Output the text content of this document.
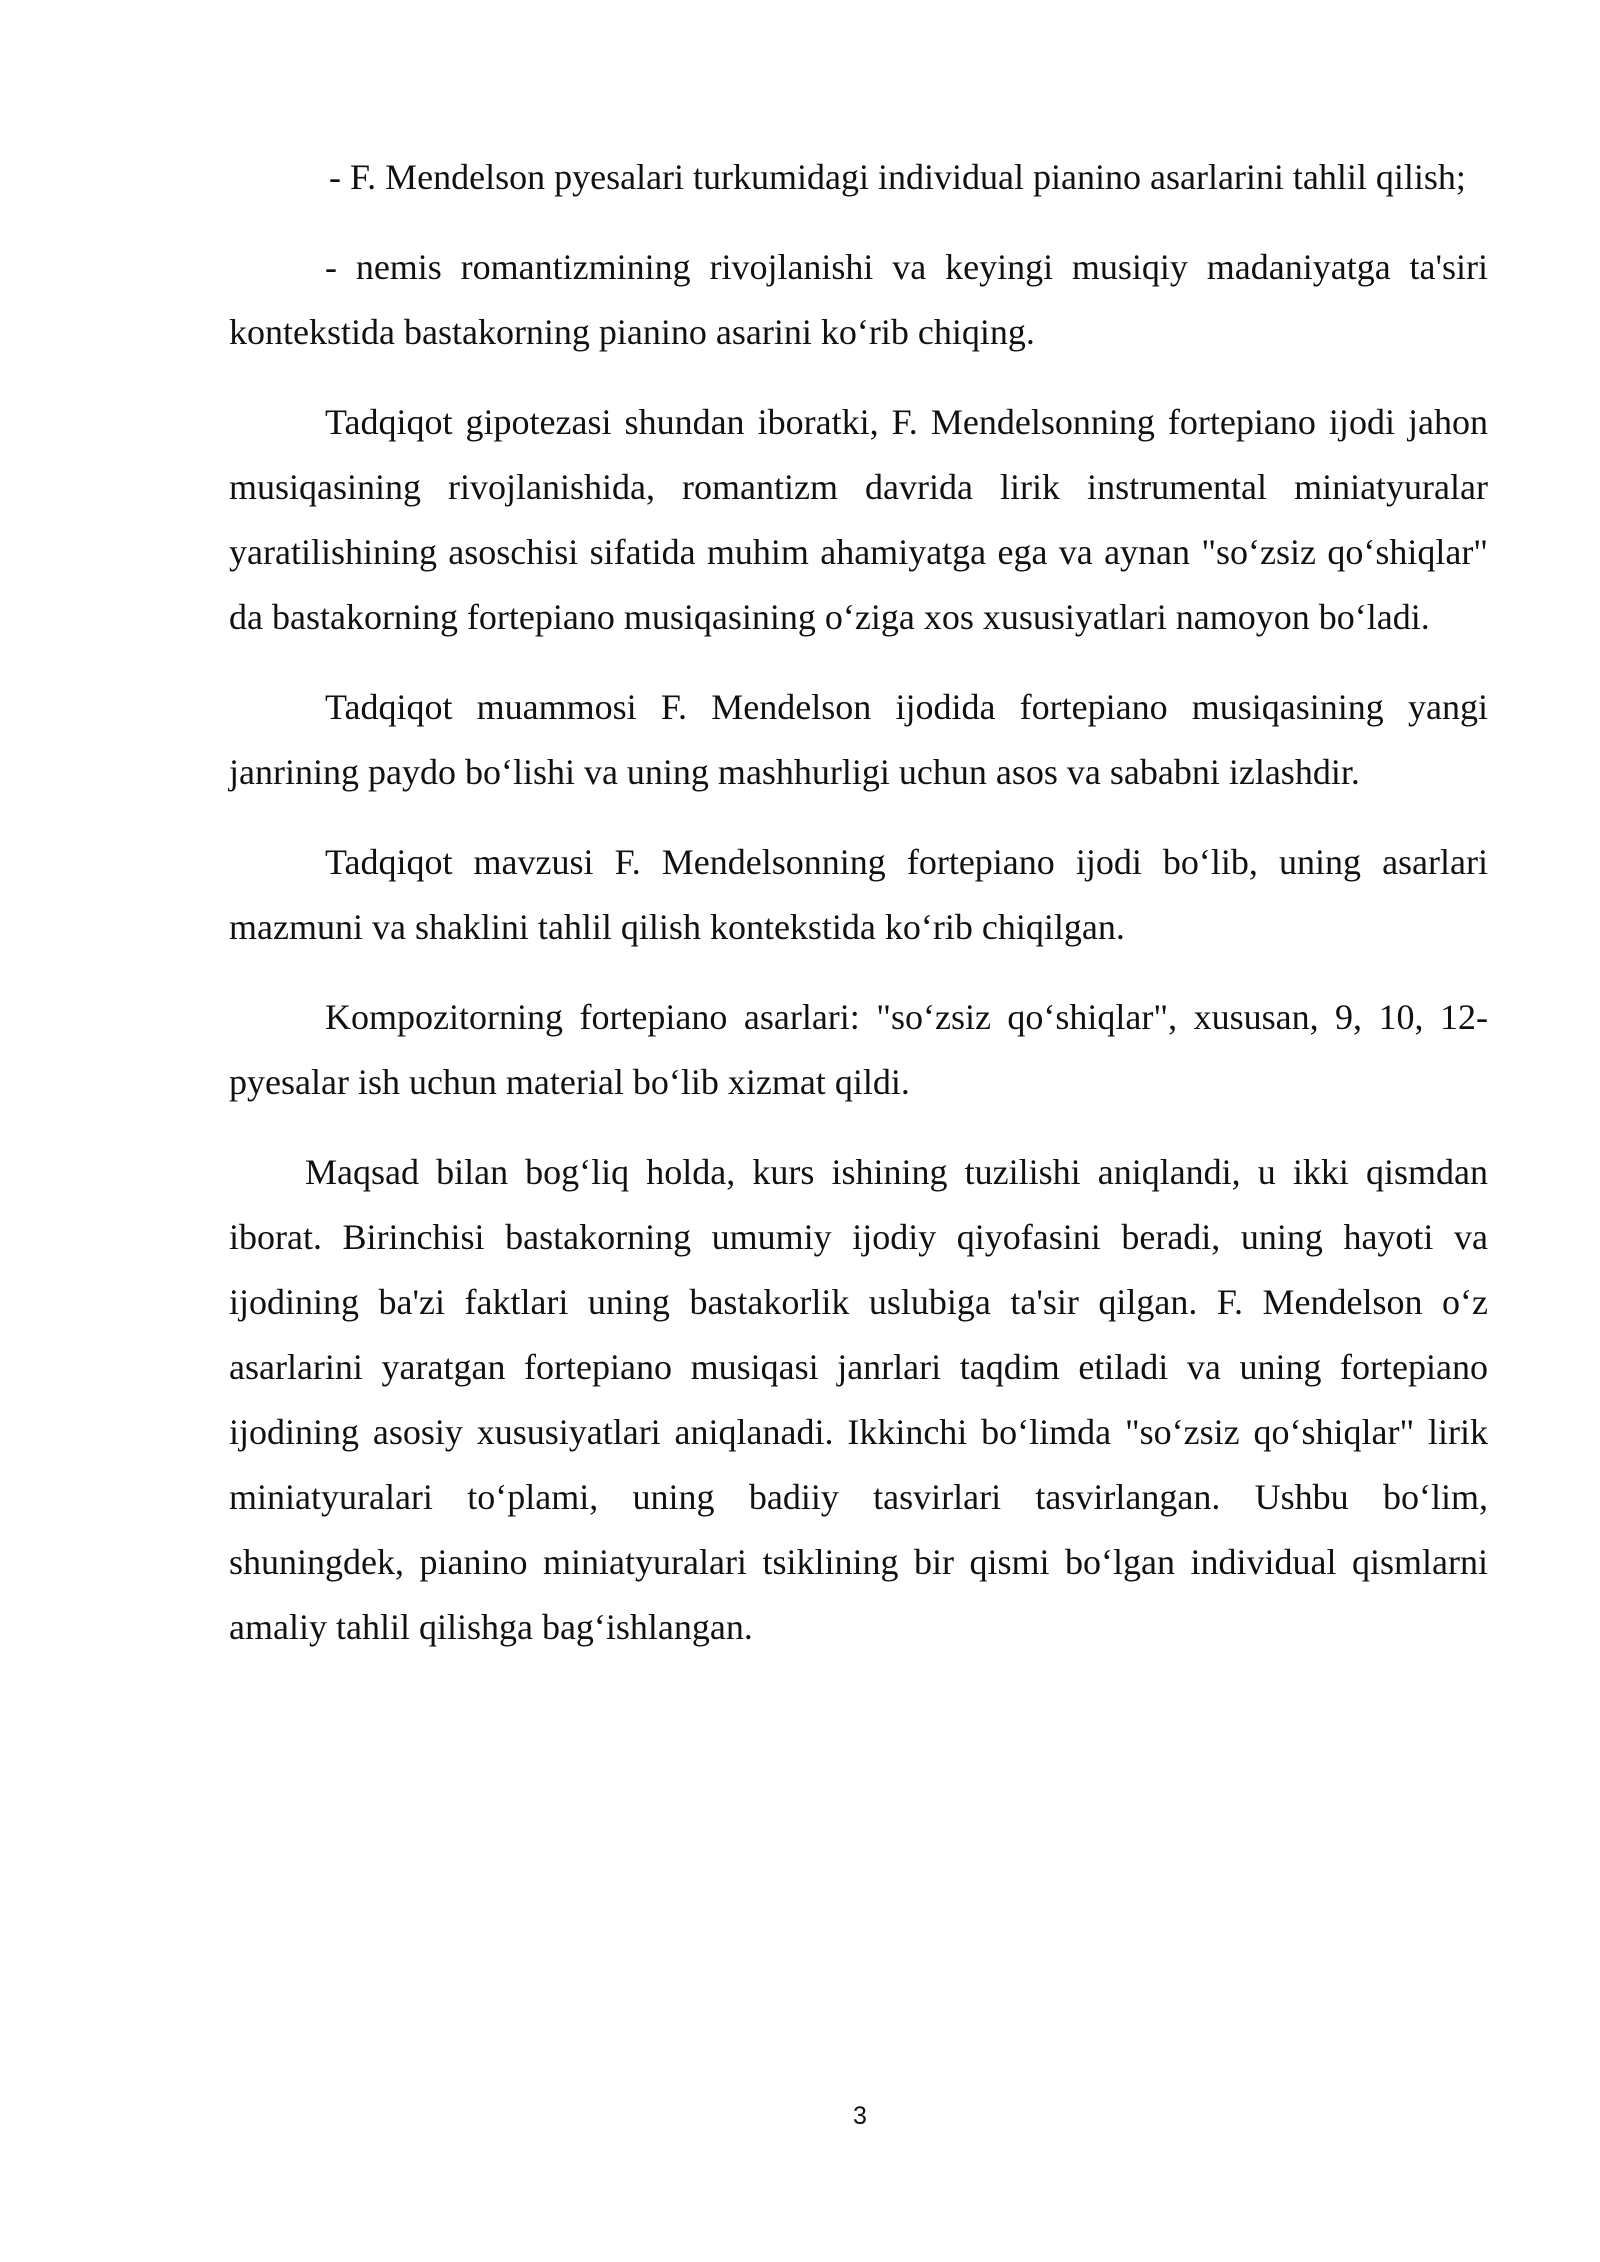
- F. Mendelson pyesalari turkumidagi individual pianino asarlarini tahlil qilish;

- nemis romantizmining rivojlanishi va keyingi musiqiy madaniyatga ta'siri kontekstida bastakorning pianino asarini ko‘rib chiqing.

Tadqiqot gipotezasi shundan iboratki, F. Mendelsonning fortepiano ijodi jahon musiqasining rivojlanishida, romantizm davrida lirik instrumental miniatyuralar yaratilishining asoschisi sifatida muhim ahamiyatga ega va aynan "so‘zsiz qo‘shiqlar" da bastakorning fortepiano musiqasining o‘ziga xos xususiyatlari namoyon bo‘ladi.

Tadqiqot muammosi F. Mendelson ijodida fortepiano musiqasining yangi janrining paydo bo‘lishi va uning mashhurligi uchun asos va sababni izlashdir.

Tadqiqot mavzusi F. Mendelsonning fortepiano ijodi bo‘lib, uning asarlari mazmuni va shaklini tahlil qilish kontekstida ko‘rib chiqilgan.

Kompozitorning fortepiano asarlari: "so‘zsiz qo‘shiqlar", xususan, 9, 10, 12-pyesalar ish uchun material bo‘lib xizmat qildi.

Maqsad bilan bog‘liq holda, kurs ishining tuzilishi aniqlandi, u ikki qismdan iborat. Birinchisi bastakorning umumiy ijodiy qiyofasini beradi, uning hayoti va ijodining ba'zi faktlari uning bastakorlik uslubiga ta'sir qilgan. F. Mendelson o‘z asarlarini yaratgan fortepiano musiqasi janrlari taqdim etiladi va uning fortepiano ijodining asosiy xususiyatlari aniqlanadi. Ikkinchi bo‘limda "so‘zsiz qo‘shiqlar" lirik miniatyuralari to‘plami, uning badiiy tasvirlari tasvirlangan. Ushbu bo‘lim, shuningdek, pianino miniatyuralari tsiklining bir qismi bo‘lgan individual qismlarni amaliy tahlil qilishga bag‘ishlangan.

3
